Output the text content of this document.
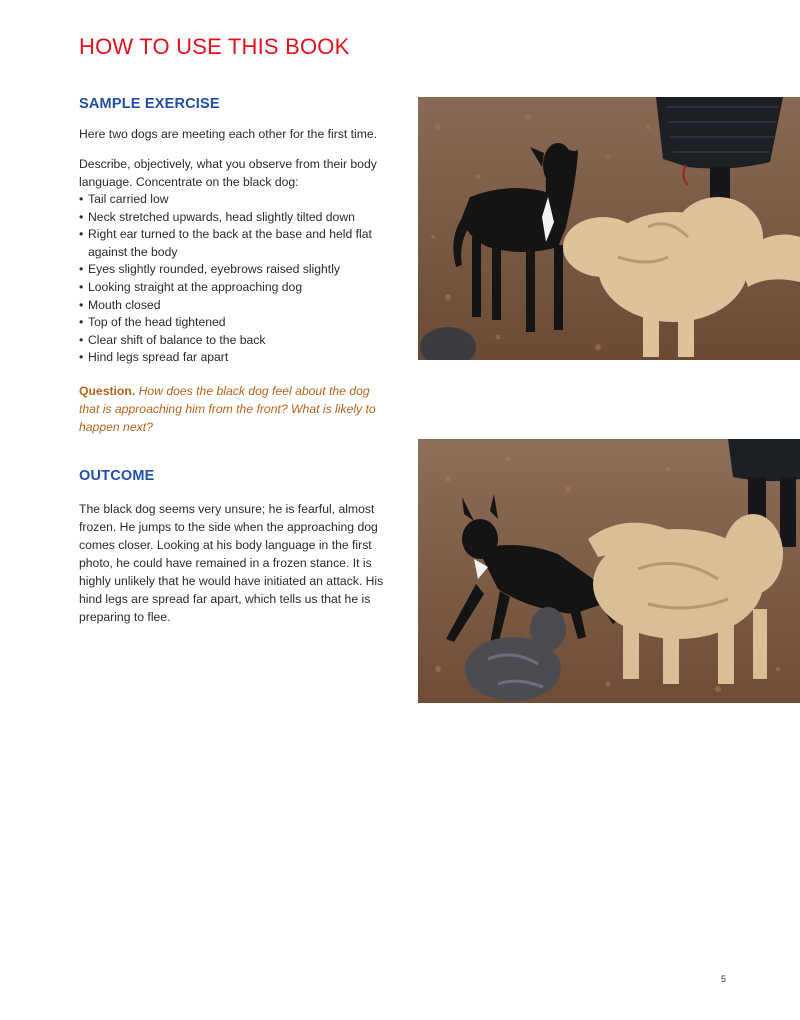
HOW TO USE THIS BOOK
SAMPLE EXERCISE

Here two dogs are meeting each other for the first time.

Describe, objectively, what you observe from their body language. Concentrate on the black dog:

• Tail carried low
• Neck stretched upwards, head slightly tilted down
• Right ear turned to the back at the base and held flat against the body
• Eyes slightly rounded, eyebrows raised slightly
• Looking straight at the approaching dog
• Mouth closed
• Top of the head tightened
• Clear shift of balance to the back
• Hind legs spread far apart

Question. How does the black dog feel about the dog that is approaching him from the front? What is likely to happen next?

OUTCOME

The black dog seems very unsure; he is fearful, almost frozen. He jumps to the side when the approaching dog comes closer. Looking at his body language in the first photo, he could have remained in a frozen stance. It is highly unlikely that he would have initiated an attack. His hind legs are spread far apart, which tells us that he is preparing to flee.

5
